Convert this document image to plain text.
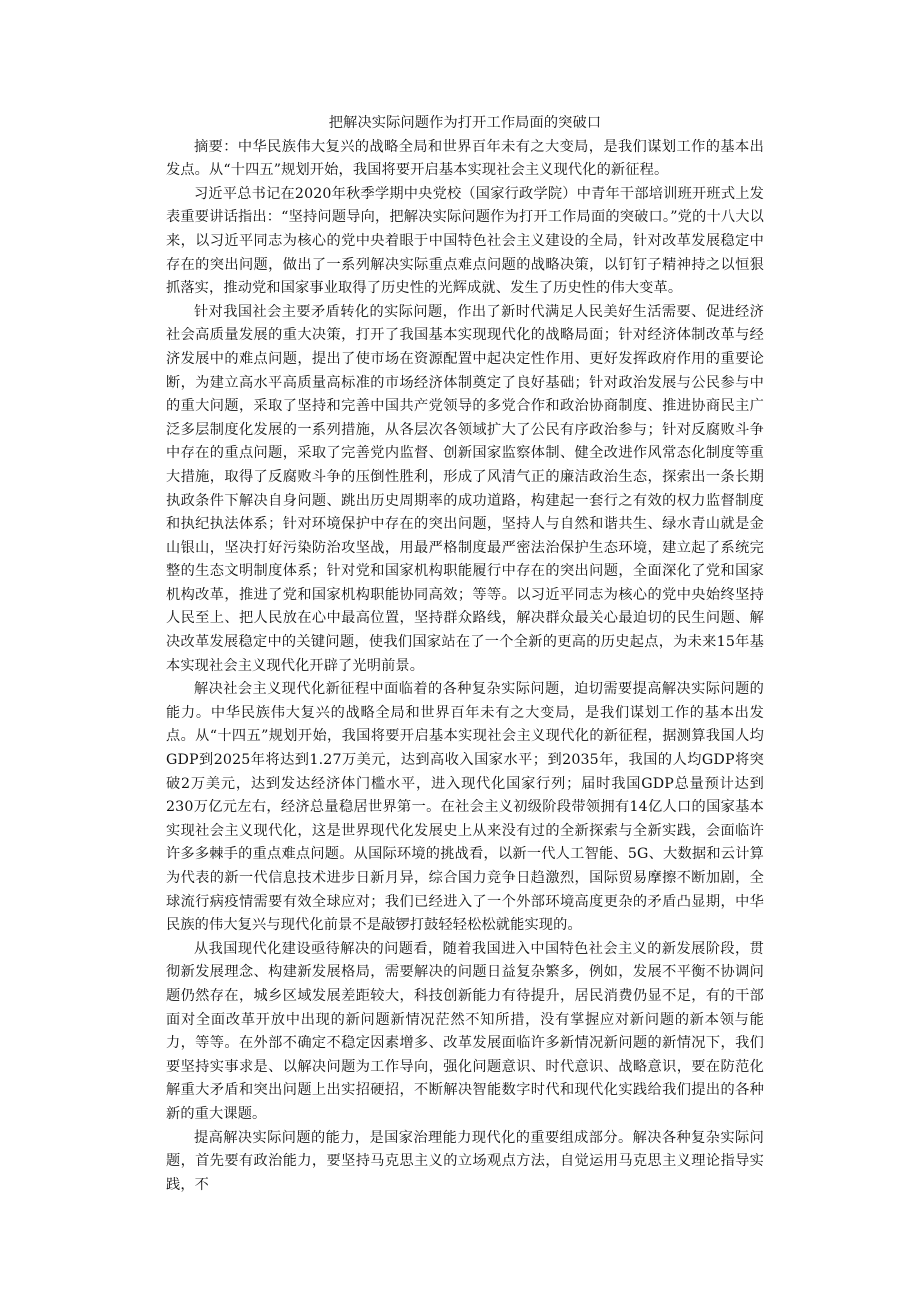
把解决实际问题作为打开工作局面的突破口

摘要：中华民族伟大复兴的战略全局和世界百年未有之大变局，是我们谋划工作的基本出发点。从“十四五”规划开始，我国将要开启基本实现社会主义现代化的新征程。

习近平总书记在2020年秋季学期中央党校（国家行政学院）中青年干部培训班开班式上发表重要讲话指出：“坚持问题导向，把解决实际问题作为打开工作局面的突破口。”党的十八大以来，以习近平同志为核心的党中央着眼于中国特色社会主义建设的全局，针对改革发展稳定中存在的突出问题，做出了一系列解决实际重点难点问题的战略决策，以钉钉子精神持之以恒狠抓落实，推动党和国家事业取得了历史性的光辉成就、发生了历史性的伟大变革。

针对我国社会主要矛盾转化的实际问题，作出了新时代满足人民美好生活需要、促进经济社会高质量发展的重大决策，打开了我国基本实现现代化的战略局面；针对经济体制改革与经济发展中的难点问题，提出了使市场在资源配置中起决定性作用、更好发挥政府作用的重要论断，为建立高水平高质量高标准的市场经济体制奠定了良好基础；针对政治发展与公民参与中的重大问题，采取了坚持和完善中国共产党领导的多党合作和政治协商制度、推进协商民主广泛多层制度化发展的一系列措施，从各层次各领域扩大了公民有序政治参与；针对反腐败斗争中存在的重点问题，采取了完善党内监督、创新国家监察体制、健全改进作风常态化制度等重大措施，取得了反腐败斗争的压倒性胜利，形成了风清气正的廉洁政治生态，探索出一条长期执政条件下解决自身问题、跳出历史周期率的成功道路，构建起一套行之有效的权力监督制度和执纪执法体系；针对环境保护中存在的突出问题，坚持人与自然和谐共生、绿水青山就是金山银山，坚决打好污染防治攻坚战，用最严格制度最严密法治保护生态环境，建立起了系统完整的生态文明制度体系；针对党和国家机构职能履行中存在的突出问题，全面深化了党和国家机构改革，推进了党和国家机构职能协同高效；等等。以习近平同志为核心的党中央始终坚持人民至上、把人民放在心中最高位置，坚持群众路线，解决群众最关心最迫切的民生问题、解决改革发展稳定中的关键问题，使我们国家站在了一个全新的更高的历史起点，为未来15年基本实现社会主义现代化开辟了光明前景。

解决社会主义现代化新征程中面临着的各种复杂实际问题，迫切需要提高解决实际问题的能力。中华民族伟大复兴的战略全局和世界百年未有之大变局，是我们谋划工作的基本出发点。从“十四五”规划开始，我国将要开启基本实现社会主义现代化的新征程，据测算我国人均GDP到2025年将达到1.27万美元，达到高收入国家水平；到2035年，我国的人均GDP将突破2万美元，达到发达经济体门槛水平，进入现代化国家行列；届时我国GDP总量预计达到230万亿元左右，经济总量稳居世界第一。在社会主义初级阶段带领拥有14亿人口的国家基本实现社会主义现代化，这是世界现代化发展史上从来没有过的全新探索与全新实践，会面临许许多多棘手的重点难点问题。从国际环境的挑战看，以新一代人工智能、5G、大数据和云计算为代表的新一代信息技术进步日新月异，综合国力竞争日趋激烈，国际贸易摩擦不断加剧，全球流行病疫情需要有效全球应对；我们已经进入了一个外部环境高度更杂的矛盾凸显期，中华民族的伟大复兴与现代化前景不是敲锣打鼓轻轻松松就能实现的。

从我国现代化建设亟待解决的问题看，随着我国进入中国特色社会主义的新发展阶段，贯彻新发展理念、构建新发展格局，需要解决的问题日益复杂繁多，例如，发展不平衡不协调问题仍然存在，城乡区域发展差距较大，科技创新能力有待提升，居民消费仍显不足，有的干部面对全面改革开放中出现的新问题新情况茫然不知所措，没有掌握应对新问题的新本领与能力，等等。在外部不确定不稳定因素增多、改革发展面临许多新情况新问题的新情况下，我们要坚持实事求是、以解决问题为工作导向，强化问题意识、时代意识、战略意识，要在防范化解重大矛盾和突出问题上出实招硬招，不断解决智能数字时代和现代化实践给我们提出的各种新的重大课题。

提高解决实际问题的能力，是国家治理能力现代化的重要组成部分。解决各种复杂实际问题，首先要有政治能力，要坚持马克思主义的立场观点方法，自觉运用马克思主义理论指导实践，不
